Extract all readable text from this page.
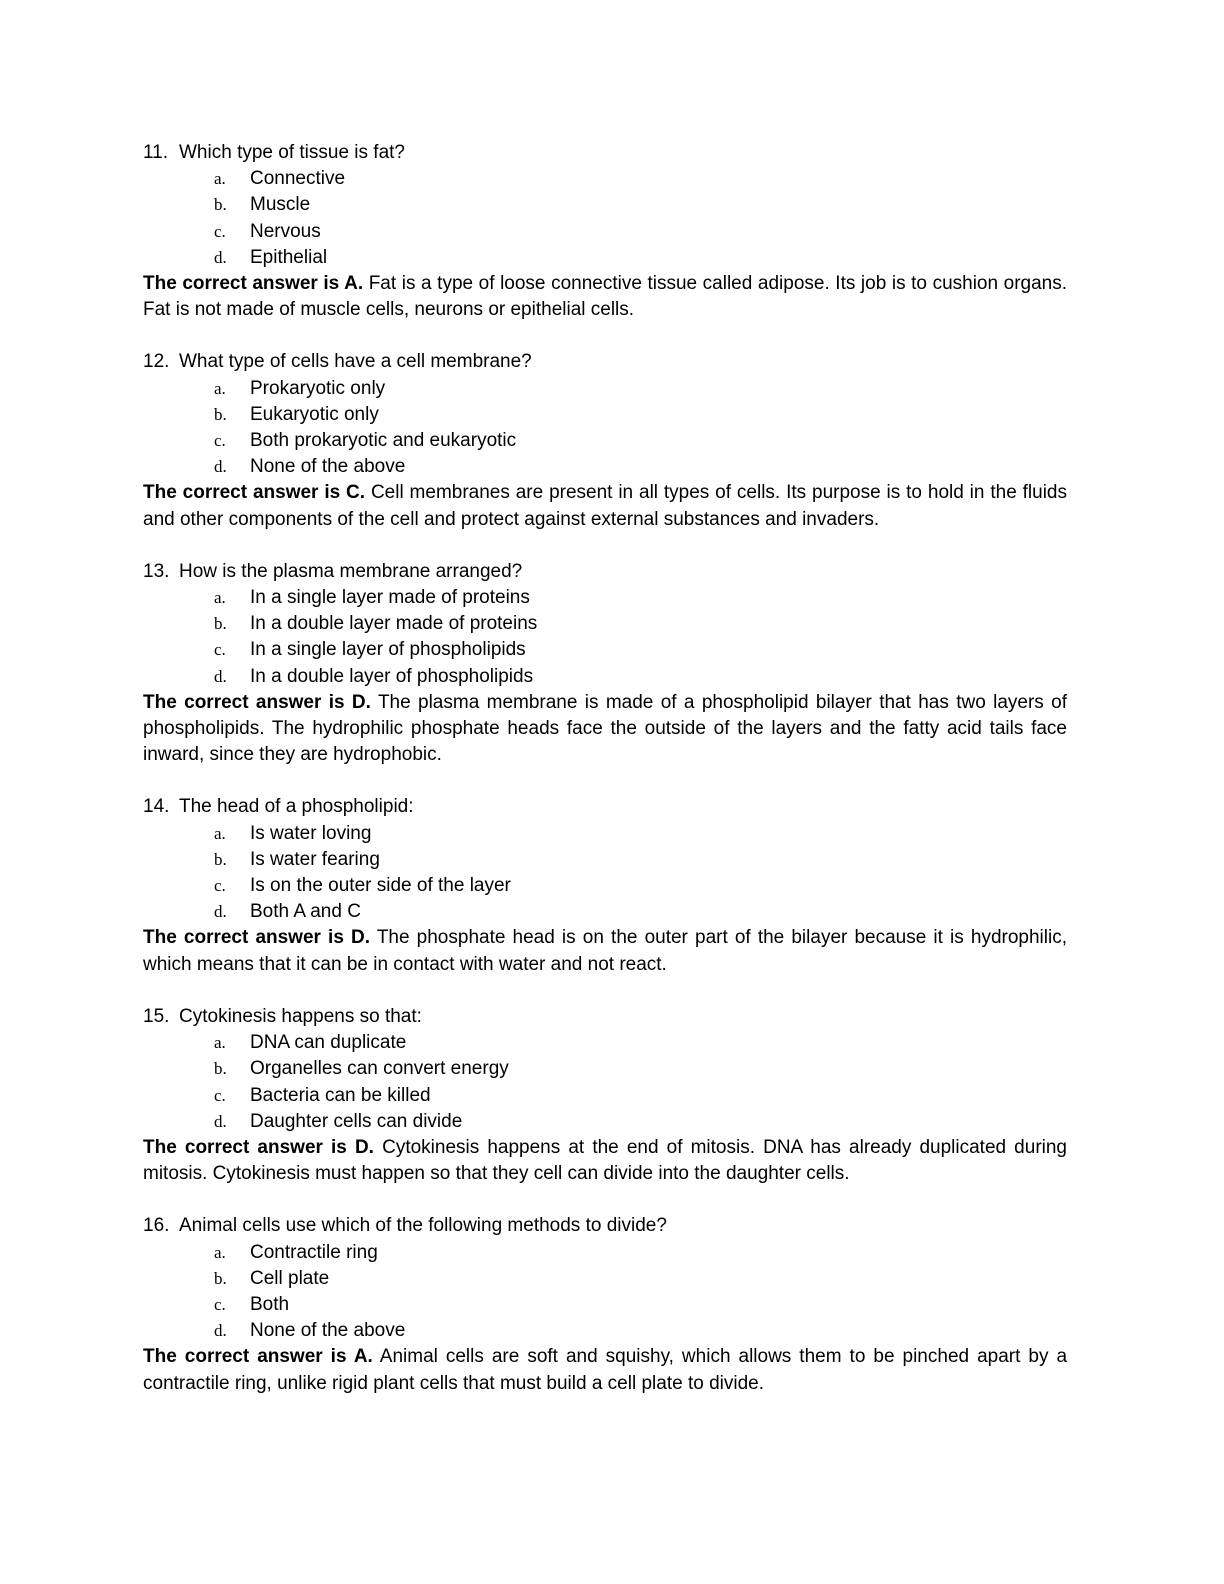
11. Which type of tissue is fat?
a.	Connective
b.	Muscle
c.	Nervous
d.	Epithelial

The correct answer is A. Fat is a type of loose connective tissue called adipose. Its job is to cushion organs. Fat is not made of muscle cells, neurons or epithelial cells.

12. What type of cells have a cell membrane?
a.	Prokaryotic only
b.	Eukaryotic only
c.	Both prokaryotic and eukaryotic
d.	None of the above

The correct answer is C. Cell membranes are present in all types of cells. Its purpose is to hold in the fluids and other components of the cell and protect against external substances and invaders.

13. How is the plasma membrane arranged?
a.	In a single layer made of proteins
b.	In a double layer made of proteins
c.	In a single layer of phospholipids
d.	In a double layer of phospholipids

The correct answer is D. The plasma membrane is made of a phospholipid bilayer that has two layers of phospholipids. The hydrophilic phosphate heads face the outside of the layers and the fatty acid tails face inward, since they are hydrophobic.

14. The head of a phospholipid:
a.	Is water loving
b.	Is water fearing
c.	Is on the outer side of the layer
d.	Both A and C

The correct answer is D. The phosphate head is on the outer part of the bilayer because it is hydrophilic, which means that it can be in contact with water and not react.

15. Cytokinesis happens so that:
a.	DNA can duplicate
b.	Organelles can convert energy
c.	Bacteria can be killed
d.	Daughter cells can divide

The correct answer is D. Cytokinesis happens at the end of mitosis. DNA has already duplicated during mitosis. Cytokinesis must happen so that they cell can divide into the daughter cells.

16. Animal cells use which of the following methods to divide?
a.	Contractile ring
b.	Cell plate
c.	Both
d.	None of the above

The correct answer is A. Animal cells are soft and squishy, which allows them to be pinched apart by a contractile ring, unlike rigid plant cells that must build a cell plate to divide.
